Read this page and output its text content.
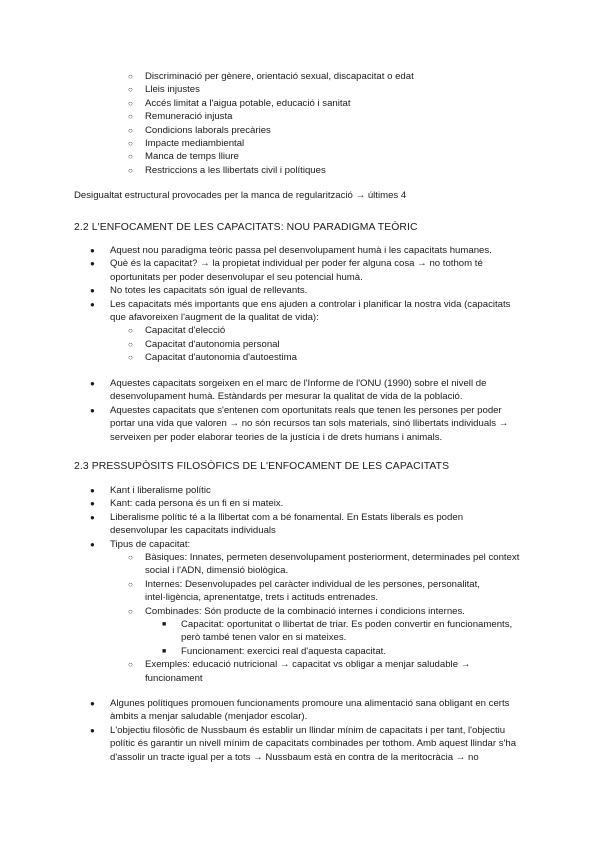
○ Discriminació per gènere, orientació sexual, discapacitat o edat
○ Lleis injustes
○ Accés limitat a l'aigua potable, educació i sanitat
○ Remuneració injusta
○ Condicions laborals precàries
○ Impacte mediambiental
○ Manca de temps lliure
○ Restriccions a les llibertats civil i polítiques
Desigualtat estructural provocades per la manca de regularització → últimes 4
2.2 L'ENFOCAMENT DE LES CAPACITATS: NOU PARADIGMA TEÒRIC
● Aquest nou paradigma teòric passa pel desenvolupament humà i les capacitats humanes.
● Què és la capacitat? → la propietat individual per poder fer alguna cosa → no tothom té oportunitats per poder desenvolupar el seu potencial humà.
● No totes les capacitats són igual de rellevants.
● Les capacitats més importants que ens ajuden a controlar i planificar la nostra vida (capacitats que afavoreixen l'augment de la qualitat de vida):
○ Capacitat d'elecció
○ Capacitat d'autonomia personal
○ Capacitat d'autonomia d'autoestima
● Aquestes capacitats sorgeixen en el marc de l'Informe de l'ONU (1990) sobre el nivell de desenvolupament humà. Estàndards per mesurar la qualitat de vida de la població.
● Aquestes capacitats que s'entenen com oportunitats reals que tenen les persones per poder portar una vida que valoren → no són recursos tan sols materials, sinó llibertats individuals → serveixen per poder elaborar teories de la justícia i de drets humans i animals.
2.3 PRESSUPÒSITS FILOSÒFICS DE L'ENFOCAMENT DE LES CAPACITATS
● Kant i liberalisme polític
● Kant: cada persona és un fi en si mateix.
● Liberalisme polític té a la llibertat com a bé fonamental. En Estats liberals es poden desenvolupar les capacitats individuals
● Tipus de capacitat:
○ Bàsiques: Innates, permeten desenvolupament posteriorment, determinades pel context social i l'ADN, dimensió biològica.
○ Internes: Desenvolupades pel caràcter individual de les persones, personalitat, intel·ligència, aprenentatge, trets i actituds entrenades.
○ Combinades: Són producte de la combinació internes i condicions internes.
■ Capacitat: oportunitat o llibertat de triar. Es poden convertir en funcionaments, però també tenen valor en si mateixes.
■ Funcionament: exercici real d'aquesta capacitat.
○ Exemples: educació nutricional → capacitat vs obligar a menjar saludable → funcionament
● Algunes polítiques promouen funcionaments promoure una alimentació sana obligant en certs àmbits a menjar saludable (menjador escolar).
● L'objectiu filosòfic de Nussbaum és establir un llindar mínim de capacitats i per tant, l'objectiu polític és garantir un nivell mínim de capacitats combinades per tothom. Amb aquest llindar s'ha d'assolir un tracte igual per a tots → Nussbaum està en contra de la meritocràcia → no
